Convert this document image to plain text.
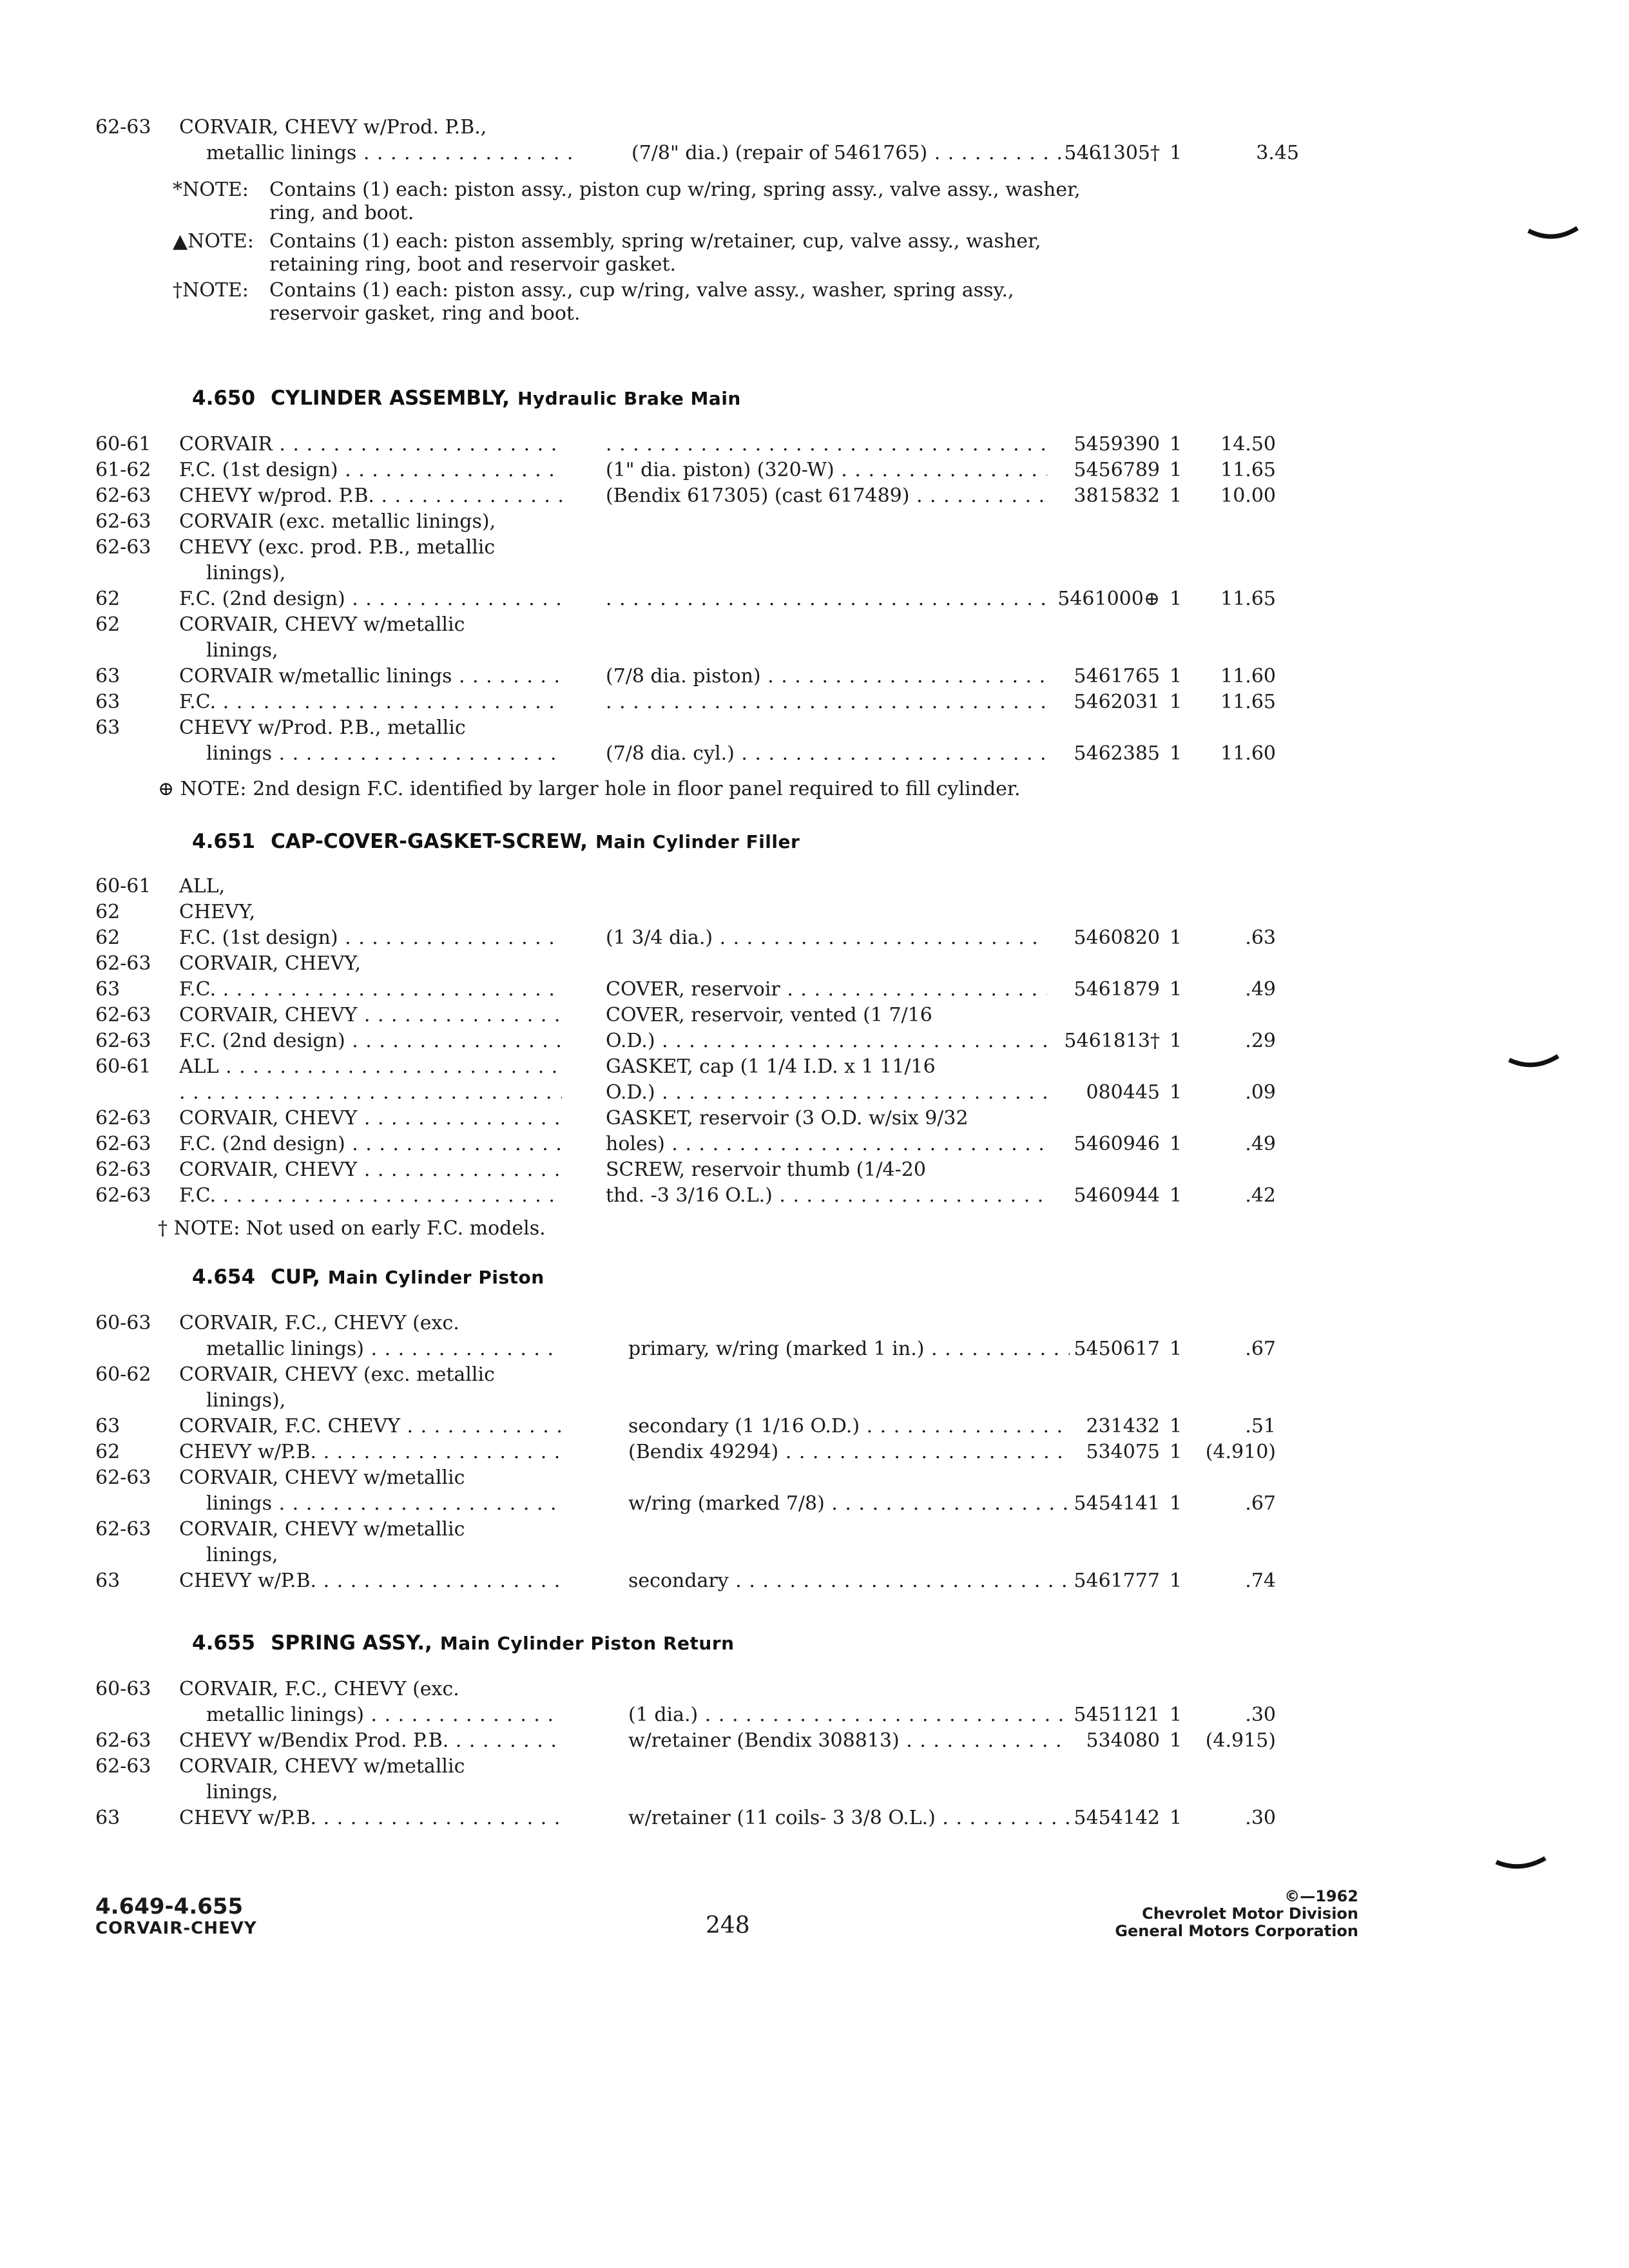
62-63 CORVAIR, CHEVY w/Prod. P.B.,
metallic linings . . .	(7/8" dia.) (repair of 5461765) . . .	5461305† 1	3.45
*NOTE: Contains (1) each: piston assy., piston cup w/ring, spring assy., valve assy., washer,
ring, and boot.
▲NOTE: Contains (1) each: piston assembly, spring w/retainer, cup, valve assy., washer,
retaining ring, boot and reservoir gasket.
†NOTE: Contains (1) each: piston assy., cup w/ring, valve assy., washer, spring assy.,
reservoir gasket, ring and boot.
4.650 CYLINDER ASSEMBLY, Hydraulic Brake Main
60-61 CORVAIR . . . . . .	5459390 1 14.50
61-62 F.C. (1st design) . . .	(1" dia. piston) (320-W) . . .	5456789 1 11.65
62-63 CHEVY w/prod. P.B. . . .	(Bendix 617305) (cast 617489) . . .	3815832 1 10.00
62-63 CORVAIR (exc. metallic linings),
62-63 CHEVY (exc. prod. P.B., metallic
linings),
62	F.C. (2nd design) . . . . . .	5461000⊕ 1 11.65
62	CORVAIR, CHEVY w/metallic
linings,
63	CORVAIR w/metallic linings . . .	(7/8 dia. piston) . . .	5461765 1 11.60
63	F.C. . . . . . .	5462031 1 11.65
63	CHEVY w/Prod. P.B., metallic
linings . . .	(7/8 dia. cyl.) . . .	5462385 1 11.60
⊕ NOTE: 2nd design F.C. identified by larger hole in floor panel required to fill cylinder.
4.651 CAP-COVER-GASKET-SCREW, Main Cylinder Filler
60-61 ALL,
62	CHEVY,
62	F.C. (1st design) . . .	(1 3/4 dia.) . . .	5460820 1	.63
62-63 CORVAIR, CHEVY,
63	F.C. . . .	COVER, reservoir . . .	5461879 1	.49
62-63 CORVAIR, CHEVY . . .	COVER, reservoir, vented (1 7/16
62-63 F.C. (2nd design) . . .	O.D.) . . .	5461813† 1	.29
60-61 ALL . . .	GASKET, cap (1 1/4 I.D. x 1 11/16
. . .
O.D.) . . .	080445 1	.09
62-63 CORVAIR, CHEVY . . .	GASKET, reservoir (3 O.D. w/six 9/32
62-63 F.C. (2nd design) . . .	holes) . . .	5460946 1	.49
62-63 CORVAIR, CHEVY . . .	SCREW, reservoir thumb (1/4-20
62-63 F.C. . . .	thd. -3 3/16 O.L.) . . .	5460944 1	.42
† NOTE: Not used on early F.C. models.
4.654 CUP, Main Cylinder Piston
60-63 CORVAIR, F.C., CHEVY (exc.
metallic linings) . . .	primary, w/ring (marked 1 in.) . . .	5450617 1	.67
60-62 CORVAIR, CHEVY (exc. metallic
linings),
63	CORVAIR, F.C. CHEVY . . .	secondary (1 1/16 O.D.) . . .	231432 1	.51
62	CHEVY w/P.B. . . .	(Bendix 49294) . . .	534075 1 (4.910)
62-63 CORVAIR, CHEVY w/metallic
linings . . .	w/ring (marked 7/8) . . .	5454141 1	.67
62-63 CORVAIR, CHEVY w/metallic
linings,
63	CHEVY w/P.B. . . .	secondary . . .	5461777 1	.74
4.655 SPRING ASSY., Main Cylinder Piston Return
60-63 CORVAIR, F.C., CHEVY (exc.
metallic linings) . . .	(1 dia.) . . .	5451121 1	.30
62-63 CHEVY w/Bendix Prod. P.B. . . .	w/retainer (Bendix 308813) . . .	534080 1 (4.915)
62-63 CORVAIR, CHEVY w/metallic
linings,
63	CHEVY w/P.B. . . .	w/retainer (11 coils- 3 3/8 O.L.) . . .	5454142 1	.30
4.649-4.655
CORVAIR-CHEVY	248
©—1962
Chevrolet Motor Division
General Motors Corporation
